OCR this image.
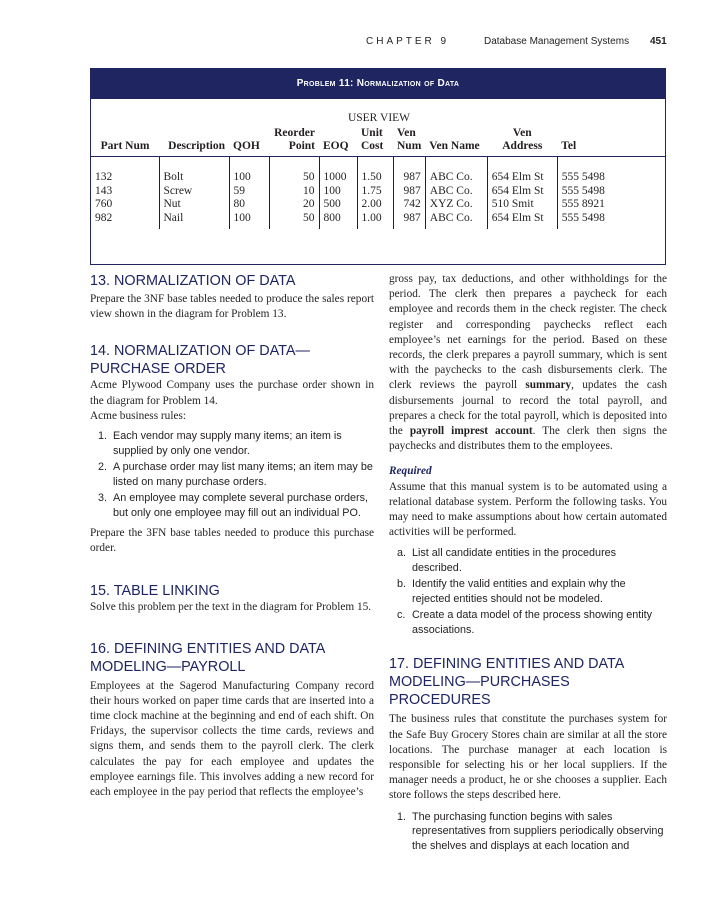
CHAPTER 9	Database Management Systems 451
Problem 11: Normalization of Data
USER VIEW
			Reorder		Unit	Ven		Ven	
Part Num	Description	QOH	Point	EOQ	Cost	Num	Ven Name	Address	Tel
132	Bolt	100	50	1000	1.50	987	ABC Co.	654 Elm St	555 5498
143	Screw	59	10	100	1.75	987	ABC Co.	654 Elm St	555 5498
760	Nut	80	20	500	2.00	742	XYZ Co.	510 Smit	555 8921
982	Nail	100	50	800	1.00	987	ABC Co.	654 Elm St	555 5498
13. NORMALIZATION OF DATA

Prepare the 3NF base tables needed to produce the sales report view shown in the diagram for Problem 13.

14. NORMALIZATION OF DATA—PURCHASE ORDER

Acme Plywood Company uses the purchase order shown in the diagram for Problem 14.

Acme business rules:

1. Each vendor may supply many items; an item is supplied by only one vendor.
2. A purchase order may list many items; an item may be listed on many purchase orders.
3. An employee may complete several purchase orders, but only one employee may fill out an individual PO.

Prepare the 3FN base tables needed to produce this purchase order.

15. TABLE LINKING

Solve this problem per the text in the diagram for Problem 15.

16. DEFINING ENTITIES AND DATA MODELING—PAYROLL

Employees at the Sagerod Manufacturing Company record their hours worked on paper time cards that are inserted into a time clock machine at the beginning and end of each shift. On Fridays, the supervisor collects the time cards, reviews and signs them, and sends them to the payroll clerk. The clerk calculates the pay for each employee and updates the employee earnings file. This involves adding a new record for each employee in the pay period that reflects the employee’s

gross pay, tax deductions, and other withholdings for the period. The clerk then prepares a paycheck for each employee and records them in the check register. The check register and corresponding paychecks reflect each employee’s net earnings for the period. Based on these records, the clerk prepares a payroll summary, which is sent with the paychecks to the cash disbursements clerk. The clerk reviews the payroll summary, updates the cash disbursements journal to record the total payroll, and prepares a check for the total payroll, which is deposited into the payroll imprest account. The clerk then signs the paychecks and distributes them to the employees.

Required

Assume that this manual system is to be automated using a relational database system. Perform the following tasks. You may need to make assumptions about how certain automated activities will be performed.

a. List all candidate entities in the procedures described.
b. Identify the valid entities and explain why the rejected entities should not be modeled.
c. Create a data model of the process showing entity associations.
17. DEFINING ENTITIES AND DATA MODELING—PURCHASES PROCEDURES

The business rules that constitute the purchases system for the Safe Buy Grocery Stores chain are similar at all the store locations. The purchase manager at each location is responsible for selecting his or her local suppliers. If the manager needs a product, he or she chooses a supplier. Each store follows the steps described here.

1. The purchasing function begins with sales representatives from suppliers periodically observing the shelves and displays at each location and
